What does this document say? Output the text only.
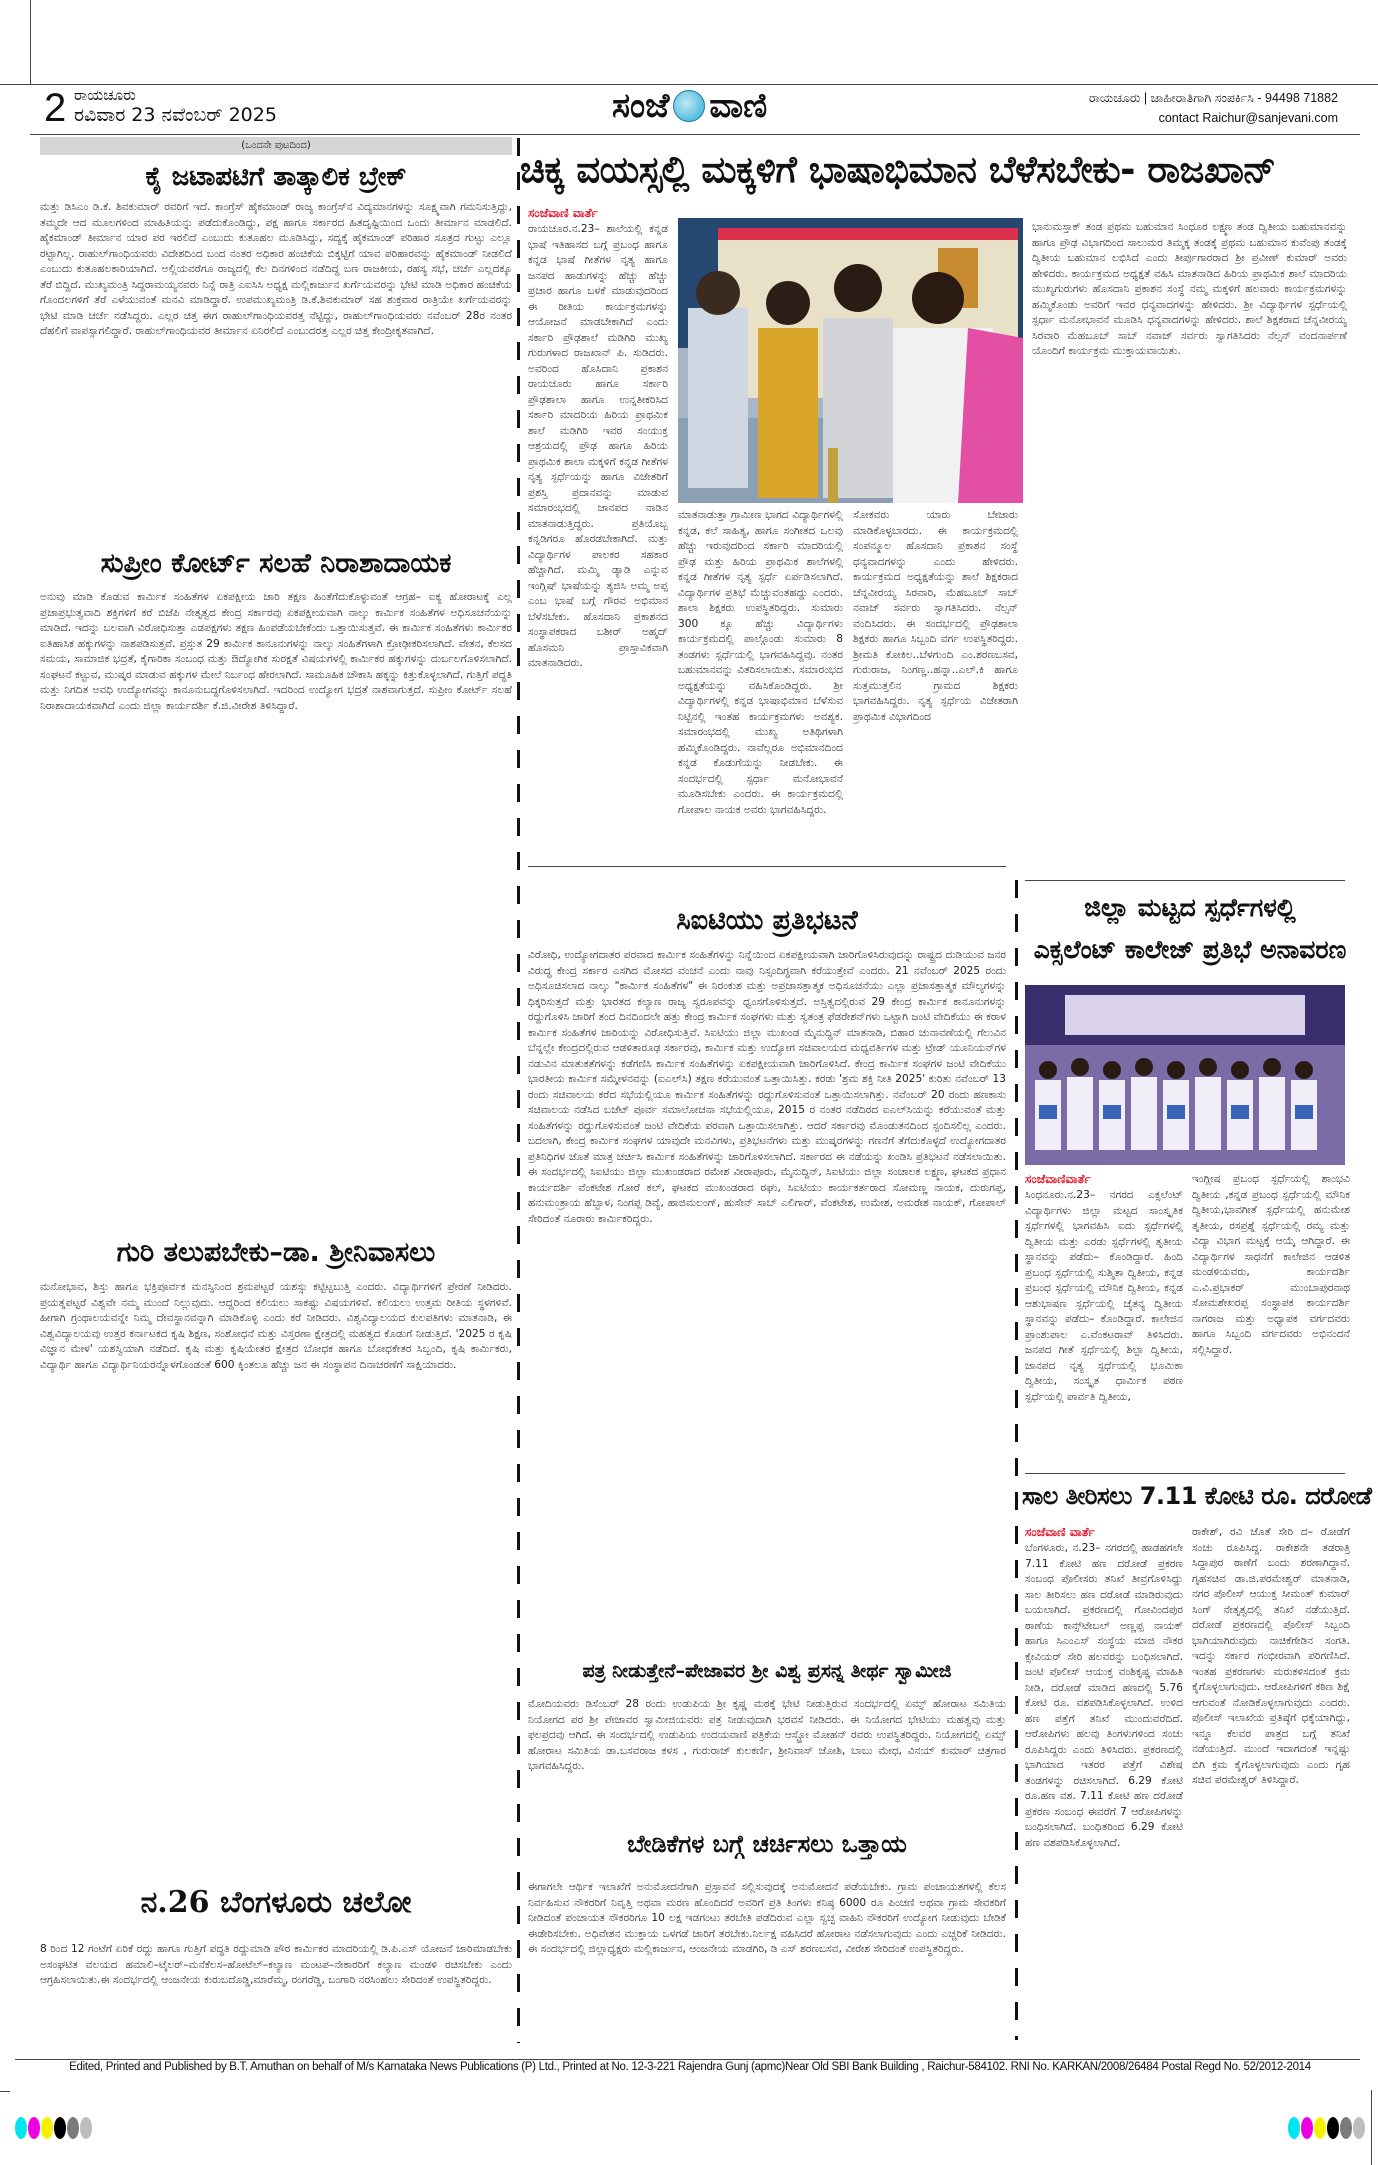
2 ರಾಯಚೂರು
ರವಿವಾರ 23 ನವೆಂಬರ್ 2025	ಸಂಜೆ ವಾಣಿ	ರಾಯಚೂರು | ಜಾಹೀರಾತಿಗಾಗಿ ಸಂಪರ್ಕಿಸಿ - 94498 71882
contact Raichur@sanjevani.com
(ಒಂದನೇ ಪುಟದಿಂದ)
ಕೈ ಜಟಾಪಟಿಗೆ ತಾತ್ಕಾಲಿಕ ಬ್ರೇಕ್
ಮತ್ತು ಡಿಸಿಎಂ ಡಿ.ಕೆ. ಶಿವಕುಮಾರ್ ರವರಿಗೆ ಇದೆ. ಕಾಂಗ್ರೆಸ್ ಹೈಕಮಾಂಡ್ ರಾಜ್ಯ ಕಾಂಗ್ರೆಸ್‌ನ ವಿದ್ಯಮಾನಗಳನ್ನು ಸೂಕ್ಷ್ಮವಾಗಿ ಗಮನಿಸುತ್ತಿದ್ದು, ತಮ್ಮದೇ ಆದ ಮೂಲಗಳಿಂದ ಮಾಹಿತಿಯನ್ನು ಪಡೆದುಕೊಂಡಿದ್ದು, ಪಕ್ಷ ಹಾಗೂ ಸರ್ಕಾರದ ಹಿತದೃಷ್ಟಿಯಿಂದ ಒಂದು ತೀರ್ಮಾನ ಮಾಡಲಿದೆ. ಹೈಕಮಾಂಡ್ ತೀರ್ಮಾನ ಯಾರ ಪರ ಇರಲಿದೆ ಎಂಬುದು ಕುತೂಹಲ ಮೂಡಿಸಿದ್ದು, ಸದ್ಯಕ್ಕೆ ಹೈಕಮಾಂಡ್ ಪರಿಹಾರ ಸೂತ್ರದ ಗುಟ್ಟು ಎಲ್ಲೂ ರಟ್ಟಾಗಿಲ್ಲ. ರಾಹುಲ್‌ಗಾಂಧಿಯವರು ವಿದೇಶದಿಂದ ಬಂದ ನಂತರ ಅಧಿಕಾರ ಹಂಚಿಕೆಯ ಬಿಕ್ಕಟ್ಟಿಗೆ ಯಾವ ಪರಿಹಾರವನ್ನು ಹೈಕಮಾಂಡ್ ನೀಡಲಿದೆ ಎಂಬುದು ಕುತೂಹಲಕಾರಿಯಾಗಿದೆ. ಅಲ್ಲಿಯವರೆಗೂ ರಾಜ್ಯದಲ್ಲಿ ಕೆಲ ದಿನಗಳಿಂದ ನಡೆದಿದ್ದ ಬಣ ರಾಜಕೀಯ, ರಹಸ್ಯ ಸಭೆ, ಚರ್ಚೆ ಎಲ್ಲದಕ್ಕೂ ತೆರೆ ಬಿದ್ದಿದೆ. ಮುಖ್ಯಮಂತ್ರಿ ಸಿದ್ದರಾಮಯ್ಯನವರು ನಿನ್ನೆ ರಾತ್ರಿ ಎಐಸಿಸಿ ಅಧ್ಯಕ್ಷ ಮಲ್ಲಿಕಾರ್ಜುನ ಖರ್ಗೆಯವರನ್ನು ಭೇಟಿ ಮಾಡಿ ಅಧಿಕಾರ ಹಂಚಿಕೆಯ ಗೊಂದಲಗಳಿಗೆ ತೆರೆ ಎಳೆಯುವಂತೆ ಮನವಿ ಮಾಡಿದ್ದಾರೆ. ಉಪಮುಖ್ಯಮಂತ್ರಿ ಡಿ.ಕೆ.ಶಿವಕುಮಾರ್ ಸಹ ಶುಕ್ರವಾರ ರಾತ್ರಿಯೇ ಖರ್ಗೆಯವರನ್ನು ಭೇಟಿ ಮಾಡಿ ಚರ್ಚೆ ನಡೆಸಿದ್ದರು. ಎಲ್ಲರ ಚಿತ್ತ ಈಗ ರಾಹುಲ್‌ಗಾಂಧಿಯವರತ್ತ ನೆಟ್ಟಿದ್ದು, ರಾಹುಲ್‌ಗಾಂಧಿಯವರು ನವೆಂಬರ್ 28ರ ನಂತರ ದೆಹಲಿಗೆ ವಾಪಸ್ಸಾಗಲಿದ್ದಾರೆ. ರಾಹುಲ್‌ಗಾಂಧಿಯವರ ತೀರ್ಮಾನ ಏನಿರಲಿದೆ ಎಂಬುದರತ್ತ ಎಲ್ಲರ ಚಿತ್ತ ಕೇಂದ್ರೀಕೃತವಾಗಿದೆ.
ಸುಪ್ರೀಂ ಕೋರ್ಟ್ ಸಲಹೆ ನಿರಾಶಾದಾಯಕ
ಅನುವು ಮಾಡಿ ಕೊಡುವ ಕಾರ್ಮಿಕ ಸಂಹಿತೆಗಳ ಏಕಪಕ್ಷೀಯ ಜಾರಿ ತಕ್ಷಣ ಹಿಂತೆಗೆದುಕೊಳ್ಳುವಂತೆ ಆಗ್ರಹ– ಐಕ್ಯ ಹೋರಾಟಕ್ಕೆ ಎಲ್ಲ ಪ್ರಜಾಪ್ರಭುತ್ವವಾದಿ ಶಕ್ತಿಗಳಿಗೆ ಕರೆ ಬಿಜೆಪಿ ನೇತೃತ್ವದ ಕೇಂದ್ರ ಸರ್ಕಾರವು ಏಕಪಕ್ಷೀಯವಾಗಿ ನಾಲ್ಕು ಕಾರ್ಮಿಕ ಸಂಹಿತೆಗಳ ಅಧಿಸೂಚನೆಯನ್ನು ಮಾಡಿದೆ. ಇದನ್ನು ಬಲವಾಗಿ ವಿರೋಧಿಸುತ್ತಾ ಎಡಪಕ್ಷಗಳು ತಕ್ಷಣ ಹಿಂಪಡೆಯಬೇಕೆಂದು ಒತ್ತಾಯಿಸುತ್ತವೆ. ಈ ಕಾರ್ಮಿಕ ಸಂಹಿತೆಗಳು ಕಾರ್ಮಿಕರ ಐತಿಹಾಸಿಕ ಹಕ್ಕುಗಳನ್ನು ನಾಶಪಡಿಸುತ್ತವೆ. ಪ್ರಸ್ತುತ 29 ಕಾರ್ಮಿಕ ಕಾನೂನುಗಳನ್ನು ನಾಲ್ಕು ಸಂಹಿತೆಗಳಾಗಿ ಕ್ರೋಢೀಕರಿಸಲಾಗಿದೆ. ವೇತನ, ಕೆಲಸದ ಸಮಯ, ಸಾಮಾಜಿಕ ಭದ್ರತೆ, ಕೈಗಾರಿಕಾ ಸಂಬಂಧ ಮತ್ತು ಔದ್ಯೋಗಿಕ ಸುರಕ್ಷತೆ ವಿಷಯಗಳಲ್ಲಿ ಕಾರ್ಮಿಕರ ಹಕ್ಕುಗಳನ್ನು ದುರ್ಬಲಗೊಳಿಸಲಾಗಿದೆ. ಸಂಘಟನೆ ಕಟ್ಟುವ, ಮುಷ್ಕರ ಮಾಡುವ ಹಕ್ಕುಗಳ ಮೇಲೆ ನಿರ್ಬಂಧ ಹೇರಲಾಗಿದೆ. ಸಾಮೂಹಿಕ ಚೌಕಾಸಿ ಹಕ್ಕನ್ನು ಕಿತ್ತುಕೊಳ್ಳಲಾಗಿದೆ. ಗುತ್ತಿಗೆ ಪದ್ಧತಿ ಮತ್ತು ನಿಗದಿತ ಅವಧಿ ಉದ್ಯೋಗವನ್ನು ಕಾನೂನುಬದ್ಧಗೊಳಿಸಲಾಗಿದೆ. ಇದರಿಂದ ಉದ್ಯೋಗ ಭದ್ರತೆ ನಾಶವಾಗುತ್ತದೆ. ಸುಪ್ರೀಂ ಕೋರ್ಟ್ ಸಲಹೆ ನಿರಾಶಾದಾಯಕವಾಗಿದೆ ಎಂದು ಜಿಲ್ಲಾ ಕಾರ್ಯದರ್ಶಿ ಕೆ.ಜಿ.ವೀರೇಶ ತಿಳಿಸಿದ್ದಾರೆ.
ಗುರಿ ತಲುಪಬೇಕು–ಡಾ. ಶ್ರೀನಿವಾಸಲು
ಮನೋಭಾವ, ಶಿಸ್ತು ಹಾಗೂ ಭಕ್ತಿಪೂರ್ವಕ ಮನಸ್ಸಿನಿಂದ ಶ್ರಮಪಟ್ಟರೆ ಯಶಸ್ಸು ಕಟ್ಟಿಟ್ಟಬುತ್ತಿ ಎಂದರು. ವಿದ್ಯಾರ್ಥಿಗಳಿಗೆ ಪ್ರೇರಣೆ ನೀಡಿದರು. ಪ್ರಯತ್ನಪಟ್ಟರೆ ವಿಶ್ವವೇ ನಮ್ಮ ಮುಂದೆ ನಿಲ್ಲುವುದು. ಆದ್ದರಿಂದ ಕಲಿಯಲು ಸಾಕಷ್ಟು ವಿಷಯಗಳಿವೆ. ಕಲಿಯಲು ಉತ್ತಮ ರೀತಿಯ ಸ್ಥಳಗಳಿವೆ. ಹೀಗಾಗಿ ಗ್ರಂಥಾಲಯವನ್ನೇ ನಿಮ್ಮ ದೇವಸ್ಥಾನವನ್ನಾಗಿ ಮಾಡಿಕೊಳ್ಳಿ ಎಂದು ಕರೆ ನೀಡಿದರು. ವಿಶ್ವವಿದ್ಯಾಲಯದ ಕುಲಪತಿಗಳು ಮಾತನಾಡಿ, ಈ ವಿಶ್ವವಿದ್ಯಾಲಯವು ಉತ್ತರ ಕರ್ನಾಟಕದ ಕೃಷಿ ಶಿಕ್ಷಣ, ಸಂಶೋಧನೆ ಮತ್ತು ವಿಸ್ತರಣಾ ಕ್ಷೇತ್ರದಲ್ಲಿ ಮಹತ್ವದ ಕೊಡುಗೆ ನೀಡುತ್ತಿದೆ. '2025 ರ ಕೃಷಿ ವಿಜ್ಞಾನ ಮೇಳ' ಯಶಸ್ವಿಯಾಗಿ ನಡೆದಿದೆ. ಕೃಷಿ ಮತ್ತು ಕೃಷಿಯೇತರ ಕ್ಷೇತ್ರದ ಬೋಧಕ ಹಾಗೂ ಬೋಧಕೇತರ ಸಿಬ್ಬಂದಿ, ಕೃಷಿ ಕಾರ್ಮಿಕರು, ವಿದ್ಯಾರ್ಥಿ ಹಾಗೂ ವಿದ್ಯಾರ್ಥಿನಿಯರನ್ನೊಳಗೊಂಡಂತೆ 600 ಕ್ಕಿಂತಲೂ ಹೆಚ್ಚು ಜನ ಈ ಸಂಸ್ಥಾಪನ ದಿನಾಚರಣೆಗೆ ಸಾಕ್ಷಿಯಾದರು.
ನ.26 ಬೆಂಗಳೂರು ಚಲೋ
8 ರಿಂದ 12 ಗಂಟೆಗೆ ಏರಿಕೆ ರದ್ದು ಹಾಗೂ ಗುತ್ತಿಗೆ ಪದ್ಧತಿ ರದ್ದುಮಾಡಿ ಪೌರ ಕಾರ್ಮಿಕರ ಮಾದರಿಯಲ್ಲಿ ಡಿ.ಪಿ.ಎಸ್ ಯೋಜನೆ ಜಾರಿಮಾಡಬೇಕು ಅಸಂಘಟಿತ ವಲಯದ ಹಮಾಲಿ–ಟೈಲರ್–ಮನೆಕೆಲಸ–ಹೋಟೆಲ್–ಕಲ್ಯಾಣ ಮಂಟಪ–ನೇಕಾರರಿಗೆ ಕಲ್ಯಾಣ ಮಂಡಳಿ ರಚಿಸಬೇಕು ಎಂದು ಆಗ್ರಹಿಸಲಾಯಿತು.ಈ ಸಂದರ್ಭದಲ್ಲಿ ಆಂಜನೇಯ ಕುರುಬದೊಡ್ಡಿ,ಮಾರೆಮ್ಮ, ರಂಗರೆಡ್ಡಿ, ಬಂಗಾರಿ ನರಸಿಂಹಲು ಸೇರಿದಂತೆ ಉಪಸ್ಥಿತರಿದ್ದರು.
ಚಿಕ್ಕ ವಯಸ್ಸಲ್ಲಿ ಮಕ್ಕಳಿಗೆ ಭಾಷಾಭಿಮಾನ ಬೆಳೆಸಬೇಕು- ರಾಜಖಾನ್
ಸಂಜೆವಾಣಿ ವಾರ್ತೆ
ರಾಯಚೂರ.ನ.23– ಶಾಲೆಯಲ್ಲಿ ಕನ್ನಡ ಭಾಷೆ ಇತಿಹಾಸದ ಬಗ್ಗೆ ಪ್ರಬಂಧ ಹಾಗೂ ಕನ್ನಡ ಭಾಷೆ ಗೀತೆಗಳ ನೃತ್ಯ ಹಾಗೂ ಜನಪದ ಹಾಡುಗಳನ್ನು ಹೆಚ್ಚು ಹೆಚ್ಚು ಪ್ರಚಾರ ಹಾಗೂ ಬಳಕೆ ಮಾಡುವುದರಿಂದ ಈ ರೀತಿಯ ಕಾರ್ಯಕ್ರಮಗಳನ್ನು ಆಯೋಜನೆ ಮಾಡಬೇಕಾಗಿದೆ ಎಂದು ಸರ್ಕಾರಿ ಪ್ರೌಢಶಾಲೆ ಮಡಿಗಿರಿ ಮುಖ್ಯ ಗುರುಗಳಾದ ರಾಜಖಾನ್ ಪಿ. ಸುಡಿದರು. ಅವರಿಂದ ಹೊಸಿದಾನಿ ಪ್ರಕಾಶನ ರಾಯಚೂರು ಹಾಗೂ ಸರ್ಕಾರಿ ಪ್ರೌಢಶಾಲಾ ಹಾಗೂ ಉನ್ನತೀಕರಿಸಿದ ಸರ್ಕಾರಿ ಮಾದರಿಯ ಹಿರಿಯ ಪ್ರಾಥಮಿಕ ಶಾಲೆ ಮಡಿಗಿರಿ ಇವರ ಸಂಯುಕ್ತ ಆಶ್ರಯದಲ್ಲಿ ಪ್ರೌಢ ಹಾಗೂ ಹಿರಿಯ ಪ್ರಾಥಮಿಕ ಶಾಲಾ ಮಕ್ಕಳಿಗೆ ಕನ್ನಡ ಗೀತೆಗಳ ನೃತ್ಯ ಸ್ಪರ್ಧೆಯನ್ನು ಹಾಗೂ ವಿಜೇತರಿಗೆ ಪ್ರಶಸ್ತಿ ಪ್ರದಾನವನ್ನು ಮಾಡುವ ಸಮಾರಂಭದಲ್ಲಿ ಜಾನಪದ ನಾಡಿನ ಮಾತನಾಡುತ್ತಿದ್ದರು. ಪ್ರತಿಯೊಬ್ಬ ಕನ್ನಡಿಗರೂ ಹೊರಡಬೇಕಾಗಿದೆ. ಮತ್ತು ವಿದ್ಯಾರ್ಥಿಗಳ ಪಾಲಕರ ಸಹಕಾರ ಹೆಚ್ಚಾಗಿದೆ. ಮಮ್ಮಿ ಡ್ಯಾಡಿ ಎನ್ನುವ ಇಂಗ್ಲಿಷ್ ಭಾಷೆಯನ್ನು ತ್ಯಜಿಸಿ ಅಮ್ಮ ಅಪ್ಪ ಎಂಬ ಭಾಷೆ ಬಗ್ಗೆ ಗೌರವ ಅಭಿಮಾನ ಬೆಳೆಸಬೇಕು. ಹೊಸದಾನಿ ಪ್ರಕಾಶನದ ಸಂಸ್ಥಾಪಕರಾದ ಬಶೀರ್ ಅಹ್ಮದ್ ಹೊಸಮನಿ ಪ್ರಾಸ್ತಾವಿಕವಾಗಿ ಮಾತನಾಡಿದರು.
ಮಾತನಾಡುತ್ತಾ ಗ್ರಾಮೀಣ ಭಾಗದ ವಿದ್ಯಾರ್ಥಿಗಳಲ್ಲಿ ಕನ್ನಡ, ಕಲೆ ಸಾಹಿತ್ಯ, ಹಾಗೂ ಸಂಗೀತದ ಒಲವು ಹೆಚ್ಚು ಇರುವುದರಿಂದ ಸರ್ಕಾರಿ ಮಾದರಿಯಲ್ಲಿ ಪ್ರೌಢ ಮತ್ತು ಹಿರಿಯ ಪ್ರಾಥಮಿಕ ಶಾಲೆಗಳಲ್ಲಿ ಕನ್ನಡ ಗೀತೆಗಳ ನೃತ್ಯ ಸ್ಪರ್ಧೆ ಏರ್ಪಡಿಸಲಾಗಿದೆ. ವಿದ್ಯಾರ್ಥಿಗಳ ಪ್ರತಿಭೆ ಮೆಚ್ಚುವಂತಹದ್ದು ಎಂದರು. ಶಾಲಾ ಶಿಕ್ಷಕರು ಉಪಸ್ಥಿತರಿದ್ದರು. ಸುಮಾರು 300 ಕ್ಕೂ ಹೆಚ್ಚು ವಿದ್ಯಾರ್ಥಿಗಳು ಕಾರ್ಯಕ್ರಮದಲ್ಲಿ ಪಾಲ್ಗೊಂಡು ಸುಮಾರು 8 ತಂಡಗಳು ಸ್ಪರ್ಧೆಯಲ್ಲಿ ಭಾಗವಹಿಸಿದ್ದವು. ನಂತರ ಬಹುಮಾನವನ್ನು ವಿತರಿಸಲಾಯಿತು. ಸಮಾರಂಭದ ಅಧ್ಯಕ್ಷತೆಯನ್ನು ವಹಿಸಿಕೊಂಡಿದ್ದರು. ಶ್ರೀ ವಿದ್ಯಾರ್ಥಿಗಳಲ್ಲಿ ಕನ್ನಡ ಭಾಷಾಭಿಮಾನ ಬೆಳೆಸುವ ನಿಟ್ಟಿನಲ್ಲಿ ಇಂತಹ ಕಾರ್ಯಕ್ರಮಗಳು ಅವಶ್ಯಕ. ಸಮಾರಂಭದಲ್ಲಿ ಮುಖ್ಯ ಅತಿಥಿಗಳಾಗಿ ಹಮ್ಮಿಕೊಂಡಿದ್ದರು. ನಾವೆಲ್ಲರೂ ಅಭಿಮಾನದಿಂದ ಕನ್ನಡ ಕೊಡುಗೆಯನ್ನು ನೀಡಬೇಕು. ಈ ಸಂದರ್ಭದಲ್ಲಿ ಸ್ಪರ್ಧಾ ಮನೋಭಾವನೆ ಮೂಡಿಸಬೇಕು ಎಂದರು. ಈ ಕಾರ್ಯಕ್ರಮದಲ್ಲಿ ಗೋಪಾಲ ನಾಯಕ ಅವರು ಭಾಗವಹಿಸಿದ್ದರು.
ಸೋಕವರು ಯಾರು ಬೇಜಾರು ಮಾಡಿಕೊಳ್ಳಬಾರದು. ಈ ಕಾರ್ಯಕ್ರಮದಲ್ಲಿ ಸಂಪನ್ಮೂಲ ಹೊಸದಾನಿ ಪ್ರಕಾಶನ ಸಂಸ್ಥೆ ಧನ್ಯವಾದಗಳನ್ನು ಎಂದು ಹೇಳಿದರು. ಕಾರ್ಯಕ್ರಮದ ಅಧ್ಯಕ್ಷತೆಯನ್ನು ಶಾಲೆ ಶಿಕ್ಷಕರಾದ ಚೆನ್ನವೀರಯ್ಯ ಸಿರವಾರಿ, ಮೆಹಬೂಬ್ ಸಾಬ್ ನವಾಜ್ ಸರ್ವರು ಸ್ವಾಗತಿಸಿದರು. ನೆಲ್ಸನ್ ವಂದಿಸಿದರು. ಈ ಸಂದರ್ಭದಲ್ಲಿ ಪ್ರೌಢಶಾಲಾ ಶಿಕ್ಷಕರು ಹಾಗೂ ಸಿಬ್ಬಂದಿ ವರ್ಗ ಉಪಸ್ಥಿತರಿದ್ದರು. ಶ್ರೀಮತಿ ಕೋಕಿಲ..ಬೆಳಗುಂದಿ ಎಂ.ಶರಣಬಸವ, ಗುರುರಾಜ, ನಿಂಗಣ್ಣ..ಹನ್ನಾ..ಎಲ್.ಕಿ ಹಾಗೂ ಸುತ್ತಮುತ್ತಲಿನ ಗ್ರಾಮದ ಶಿಕ್ಷಕರು ಭಾಗವಹಿಸಿದ್ದರು. ನೃತ್ಯ ಸ್ಪರ್ಧೆಯ ವಿಜೇತರಾಗಿ ಪ್ರಾಥಮಿಕ ವಿಭಾಗದಿಂದ
ಭಾನುಮಸ್ತಾಕ್ ತಂಡ ಪ್ರಥಮ ಬಹುಮಾನ ಸಿಂಧೂರ ಲಕ್ಷ್ಮಣ ತಂಡ ದ್ವಿತೀಯ ಬಹುಮಾನವನ್ನು ಹಾಗೂ ಪ್ರೌಢ ವಿಭಾಗದಿಂದ ಸಾಲುಮರ ತಿಮ್ಮಕ್ಕ ತಂಡಕ್ಕೆ ಪ್ರಥಮ ಬಹುಮಾನ ಕುವೆಂಪು ತಂಡಕ್ಕೆ ದ್ವಿತೀಯ ಬಹುಮಾನ ಲಭಿಸಿದೆ ಎಂದು ತೀರ್ಪುಗಾರರಾದ ಶ್ರೀ ಪ್ರವೀಣ್ ಕುಮಾರ್ ಅವರು ಹೇಳಿದರು. ಕಾರ್ಯಕ್ರಮದ ಅಧ್ಯಕ್ಷತೆ ವಹಿಸಿ ಮಾತನಾಡಿದ ಹಿರಿಯ ಪ್ರಾಥಮಿಕ ಶಾಲೆ ಮಾದರಿಯ ಮುಖ್ಯಗುರುಗಳು ಹೊಸದಾನಿ ಪ್ರಕಾಶನ ಸಂಸ್ಥೆ ನಮ್ಮ ಮಕ್ಕಳಿಗೆ ಹಲವಾರು ಕಾರ್ಯಕ್ರಮಗಳನ್ನು ಹಮ್ಮಿಕೊಂಡು ಅವರಿಗೆ ಇವರ ಧನ್ಯವಾದಗಳನ್ನು ಹೇಳಿದರು. ಶ್ರೀ ವಿದ್ಯಾರ್ಥಿಗಳ ಸ್ಪರ್ಧೆಯಲ್ಲಿ ಸ್ಪರ್ಧಾ ಮನೋಭಾವನೆ ಮೂಡಿಸಿ ಧನ್ಯವಾದಗಳನ್ನು ಹೇಳಿದರು. ಶಾಲೆ ಶಿಕ್ಷಕರಾದ ಚೆನ್ನವೀರಯ್ಯ ಸಿರವಾರಿ ಮೆಹಬೂಬ್ ಸಾಬ್ ನವಾಜ್ ಸರ್ವರು ಸ್ವಾಗತಿಸಿದರು ನೆಲ್ಸನ್ ವಂದನಾರ್ಪಣೆ ಯೊಂದಿಗೆ ಕಾರ್ಯಕ್ರಮ ಮುಕ್ತಾಯವಾಯಿತು.
ಸಿಐಟಿಯು ಪ್ರತಿಭಟನೆ
ವಿರೋಧಿ, ಉದ್ಯೋಗದಾತರ ಪರವಾದ ಕಾರ್ಮಿಕ ಸಂಹಿತೆಗಳನ್ನು ನಿನ್ನೆಯಿಂದ ಏಕಪಕ್ಷೀಯವಾಗಿ ಜಾರಿಗೊಳಿಸಿರುವುದನ್ನು ರಾಷ್ಟ್ರದ ದುಡಿಯುವ ಜನರ ವಿರುದ್ಧ ಕೇಂದ್ರ ಸರ್ಕಾರ ಎಸಗಿದ ಮೋಸದ ವಂಚನೆ ಎಂದು ನಾವು ನಿಸ್ಸಂದಿಗ್ಧವಾಗಿ ಕರೆಯುತ್ತೇವೆ ಎಂದರು. 21 ನವೆಂಬರ್ 2025 ರಂದು ಅಧಿಸೂಚಿಸಲಾದ ನಾಲ್ಕು "ಕಾರ್ಮಿಕ ಸಂಹಿತೆಗಳ" ಈ ನಿರಂಕುಶ ಮತ್ತು ಅಪ್ರಜಾಸತ್ತಾತ್ಮಕ ಅಧಿಸೂಚನೆಯು ಎಲ್ಲಾ ಪ್ರಜಾಸತ್ತಾತ್ಮಕ ಮೌಲ್ಯಗಳನ್ನು ಧಿಕ್ಕರಿಸುತ್ತದೆ ಮತ್ತು ಭಾರತದ ಕಲ್ಯಾಣ ರಾಜ್ಯ ಸ್ವರೂಪವನ್ನು ಧ್ವಂಸಗೊಳಿಸುತ್ತದೆ. ಅಸ್ತಿತ್ವದಲ್ಲಿರುವ 29 ಕೇಂದ್ರ ಕಾರ್ಮಿಕ ಕಾನೂನುಗಳನ್ನು ರದ್ದುಗೊಳಿಸಿ ಜಾರಿಗೆ ತಂದ ದಿನದಿಂದಲೇ ಹತ್ತು ಕೇಂದ್ರ ಕಾರ್ಮಿಕ ಸಂಘಗಳು ಮತ್ತು ಸ್ವತಂತ್ರ ಫೆಡರೇಶನ್‌ಗಳು ಒಟ್ಟಾಗಿ ಜಂಟಿ ವೇದಿಕೆಯು ಈ ಕರಾಳ ಕಾರ್ಮಿಕ ಸಂಹಿತೆಗಳ ಜಾರಿಯನ್ನು ವಿರೋಧಿಸುತ್ತಿವೆ. ಸಿಐಟಿಯು ಜಿಲ್ಲಾ ಮುಖಂಡ ಮೈನುದ್ದಿನ್ ಮಾತನಾಡಿ, ಬಿಹಾರ ಚುನಾವಣೆಯಲ್ಲಿ ಗೆಲುವಿನ ಬೆನ್ನಲ್ಲೇ ಕೇಂದ್ರದಲ್ಲಿರುವ ಆಡಳಿತಾರೂಢ ಸರ್ಕಾರವು, ಕಾರ್ಮಿಕ ಮತ್ತು ಉದ್ಯೋಗ ಸಚಿವಾಲಯದ ಮಧ್ಯವರ್ತಿಗಳ ಮತ್ತು ಟ್ರೇಡ್ ಯೂನಿಯನ್‌ಗಳ ನಡುವಿನ ಮಾತುಕತೆಗಳನ್ನು ಕಡೆಗಣಿಸಿ ಕಾರ್ಮಿಕ ಸಂಹಿತೆಗಳನ್ನು ಏಕಪಕ್ಷೀಯವಾಗಿ ಜಾರಿಗೊಳಿಸಿದೆ. ಕೇಂದ್ರ ಕಾರ್ಮಿಕ ಸಂಘಗಳ ಜಂಟಿ ವೇದಿಕೆಯು ಭಾರತೀಯ ಕಾರ್ಮಿಕ ಸಮ್ಮೇಳನವನ್ನು (ಐಎಲ್‌ಸಿ) ತಕ್ಷಣ ಕರೆಯುವಂತೆ ಒತ್ತಾಯಿಸಿತ್ತು. ಕರಡು 'ಶ್ರಮ ಶಕ್ತಿ ನೀತಿ 2025' ಕುರಿತು ನವೆಂಬರ್ 13 ರಂದು ಸಚಿವಾಲಯ ಕರೆದ ಸಭೆಯಲ್ಲಿಯೂ ಕಾರ್ಮಿಕ ಸಂಹಿತೆಗಳನ್ನು ರದ್ದುಗೊಳಿಸುವಂತೆ ಒತ್ತಾಯಿಸಲಾಗಿತ್ತು. ನವೆಂಬರ್ 20 ರಂದು ಹಣಕಾಸು ಸಚಿವಾಲಯ ನಡೆಸಿದ ಬಜೆಟ್ ಪೂರ್ವ ಸಮಾಲೋಚನಾ ಸಭೆಯಲ್ಲಿಯೂ, 2015 ರ ನಂತರ ನಡೆದಿರದ ಐಎಲ್‌ಸಿಯನ್ನು ಕರೆಯುವಂತೆ ಮತ್ತು ಸಂಹಿತೆಗಳನ್ನು ರದ್ದುಗೊಳಿಸುವಂತೆ ಜಂಟಿ ವೇದಿಕೆಯ ಪರವಾಗಿ ಒತ್ತಾಯಿಸಲಾಗಿತ್ತು. ಆದರೆ ಸರ್ಕಾರವು ಮೊಂಡುತನದಿಂದ ಸ್ಪಂದಿಸಲಿಲ್ಲ ಎಂದರು. ಬದಲಾಗಿ, ಕೇಂದ್ರ ಕಾರ್ಮಿಕ ಸಂಘಗಳ ಯಾವುದೇ ಮನವಿಗಳು, ಪ್ರತಿಭಟನೆಗಳು ಮತ್ತು ಮುಷ್ಕರಗಳನ್ನು ಗಣನೆಗೆ ತೆಗೆದುಕೊಳ್ಳದೆ ಉದ್ಯೋಗದಾತರ ಪ್ರತಿನಿಧಿಗಳ ಜೊತೆ ಮಾತ್ರ ಚರ್ಚಿಸಿ ಕಾರ್ಮಿಕ ಸಂಹಿತೆಗಳನ್ನು ಜಾರಿಗೊಳಿಸಲಾಗಿದೆ. ಸರ್ಕಾರದ ಈ ನಡೆಯನ್ನು ಖಂಡಿಸಿ ಪ್ರತಿಭಟನೆ ನಡೆಸಲಾಯಿತು. ಈ ಸಂದರ್ಭದಲ್ಲಿ ಸಿಐಟಿಯು ಜಿಲ್ಲಾ ಮುಖಂಡರಾದ ರಮೇಶ ವೀರಾಪೂರು, ಮೈನುದ್ದಿನ್, ಸಿಐಟಿಯು ಜಿಲ್ಲಾ ಸಂಚಾಲಕ ಲಕ್ಷ್ಮಣ, ಘಟಕದ ಪ್ರಧಾನ ಕಾರ್ಯದರ್ಶಿ ವೆಂಕಟೇಶ ಗೋರೆ ಕಲ್, ಘಟಕದ ಮುಖಂಡರಾದ ರಘು, ಸಿಐಟಿಯು ಕಾರ್ಯಕರ್ತರಾದ ಸೋಮಣ್ಣ ನಾಯಕ, ದುರುಗಪ್ಪ, ಹನುಮಂತ್ರಾಯ ಹೆಬ್ಬಾಳ, ನಿಂಗಪ್ಪ ಡಿವ್ಯೆ, ಹಾಜಿಮಲಂಗ್, ಹುಸೇನ್ ಸಾಬ್ ಎಲಿಗಾರ್, ವೆಂಕಟೇಶ, ಉಮೇಶ, ಅಮರೇಶ ನಾಯಕ್, ಗೋಪಾಲ್ ಸೇರಿದಂತೆ ನೂರಾರು ಕಾರ್ಮಿಕರಿದ್ದರು.
ಪತ್ರ ನೀಡುತ್ತೇನೆ–ಪೇಜಾವರ ಶ್ರೀ ವಿಶ್ವ ಪ್ರಸನ್ನ ತೀರ್ಥ ಸ್ವಾಮೀಜಿ
ಮೋದಿಯವರು ಡಿಸೆಂಬರ್ 28 ರಂದು ಉಡುಪಿಯ ಶ್ರೀ ಕೃಷ್ಣ ಮಠಕ್ಕೆ ಭೇಟಿ ನೀಡುತ್ತಿರುವ ಸಂದರ್ಭದಲ್ಲಿ ಏಮ್ಸ್ ಹೋರಾಟ ಸಮಿತಿಯ ನಿಯೋಗದ ಪರ ಶ್ರೀ ಪೇಜಾವರ ಸ್ವಾಮೀಜಿಯವರು ಪತ್ರ ನೀಡುವುದಾಗಿ ಭರವಸೆ ನೀಡಿದರು. ಈ ನಿಯೋಗದ ಭೇಟಿಯು ಮಹತ್ವವು ಮತ್ತು ಫಲಪ್ರದವು ಆಗಿದೆ. ಈ ಸಂದರ್ಭದಲ್ಲಿ ಉಡುಪಿಯ ಉದಯವಾಣಿ ಪತ್ರಿಕೆಯ ಆಸ್ಟ್ರೋ ಮೋಹನ್ ರವರು ಉಪಸ್ಥಿತರಿದ್ದರು. ನಿಯೋಗದಲ್ಲಿ ಏಮ್ಸ್ ಹೋರಾಟ ಸಮಿತಿಯ ಡಾ.ಬಸವರಾಜ ಕಳಸ , ಗುರುರಾಜ್ ಕುಲಕರ್ಣಿ, ಶ್ರೀನಿವಾಸ್ ಜೋಶಿ, ಬಾಬು ಮೇಧ, ವಿನಯ್ ಕುಮಾರ್ ಚಿತ್ರಗಾರ ಭಾಗವಹಿಸಿದ್ದರು.
ಬೇಡಿಕೆಗಳ ಬಗ್ಗೆ ಚರ್ಚಿಸಲು ಒತ್ತಾಯ
ಈಗಾಗಲೇ ಆರ್ಥಿಕ ಇಲಾಖೆಗೆ ಅನುಮೋದನೆಗಾಗಿ ಪ್ರಸ್ತಾವನೆ ಸಲ್ಲಿಸುವುದಕ್ಕೆ ಅನುಮೋದನೆ ಪಡೆಯಬೇಕು. ಗ್ರಾಮ ಪಂಚಾಯತಗಳಲ್ಲಿ ಕೆಲಸ ನಿರ್ವಹಿಸುವ ನೌಕರರಿಗೆ ನಿವೃತ್ತಿ ಅಥವಾ ಮರಣ ಹೊಂದಿದರೆ ಅವರಿಗೆ ಪ್ರತಿ ತಿಂಗಳು ಕನಿಷ್ಠ 6000 ರೂ ಪಿಂಚಣಿ ಅಥವಾ ಗ್ರಾಮ ಸೇವಕರಿಗೆ ನೀಡಿದಂತೆ ಪಂಚಾಯತ ನೌಕರರಿಗೂ 10 ಲಕ್ಷ ಇಡಗಂಟು ತರಬೇತಿ ಪಡೆದಿರುವ ಎಲ್ಲಾ ಸ್ವಚ್ಛ ವಾಹಿನಿ ನೌಕರರಿಗೆ ಉದ್ಯೋಗ ನೀಡುವುದು ಬೇಡಿಕೆ ಈಡೇರಿಸಬೇಕು. ಅಧಿವೇಶನ ಮುಕ್ತಾಯ ಒಳಗಡೆ ಜಾರಿಗೆ ತರಬೇಕು.ನಿರ್ಲಕ್ಷ ವಹಿಸಿದರೆ ಹೋರಾಟ ನಡೆಸಲಾಗುವುದು ಎಂದು ಎಚ್ಚರಿಕೆ ನೀಡಿದರು. ಈ ಸಂದರ್ಭದಲ್ಲಿ ಜಿಲ್ಲಾಧ್ಯಕ್ಷರು ಮಲ್ಲಿಕಾರ್ಜುನ, ಆಂಜನೇಯ ಮಾಡಗಿರಿ, ಡಿ ಎಸ್ ಶರಣಬಸವ, ವೀರೇಶ ಸೇರಿದಂತೆ ಉಪಸ್ಥಿತರಿದ್ದರು.
ಜಿಲ್ಲಾ ಮಟ್ಟದ ಸ್ಪರ್ಧೆಗಳಲ್ಲಿ
ಎಕ್ಸಲೆಂಟ್ ಕಾಲೇಜ್ ಪ್ರತಿಭೆ ಅನಾವರಣ
ಸಂಜೆವಾಣಿವಾರ್ತೆ
ಸಿಂಧನೂರು.ನ.23– ನಗರದ ಎಕ್ಸಲೆಂಟ್ ವಿದ್ಯಾರ್ಥಿಗಳು ಜಿಲ್ಲಾ ಮಟ್ಟದ ಸಾಂಸ್ಕೃತಿಕ ಸ್ಪರ್ಧೆಗಳಲ್ಲಿ ಭಾಗವಹಿಸಿ ಐದು ಸ್ಪರ್ಧೆಗಳಲ್ಲಿ ದ್ವಿತೀಯ ಮತ್ತು ಎರಡು ಸ್ಪರ್ಧೆಗಳಲ್ಲಿ ತೃತೀಯ ಸ್ಥಾನವನ್ನು ಪಡೆದು– ಕೊಂಡಿದ್ದಾರೆ. ಹಿಂದಿ ಪ್ರಬಂಧ ಸ್ಪರ್ಧೆಯಲ್ಲಿ ಸುಶ್ಮಿತಾ ದ್ವಿತೀಯ, ಕನ್ನಡ ಪ್ರಬಂಧ ಸ್ಪರ್ಧೆಯಲ್ಲಿ ಮೌನಿಕ ದ್ವಿತೀಯ, ಕನ್ನಡ ಆಶುಭಾಷಣ ಸ್ಪರ್ಧೆಯಲ್ಲಿ ಚೈತನ್ಯ ದ್ವಿತೀಯ ಸ್ಥಾನವನ್ನು ಪಡೆದು– ಕೊಂಡಿದ್ದಾರೆ. ಕಾಲೇಜಿನ ಪ್ರಾಂಶುಪಾಲ ಎ.ವೆಂಕಟರಾವ್ ತಿಳಿಸಿದರು. ಜನಪದ ಗೀತೆ ಸ್ಪರ್ಧೆಯಲ್ಲಿ ಶಿಲ್ಪಾ ದ್ವಿತೀಯ, ಜಾನಪದ ನೃತ್ಯ ಸ್ಪರ್ಧೆಯಲ್ಲಿ ಭೂಮಿಕಾ ದ್ವಿತೀಯ, ಸಂಸ್ಕೃತ ಧಾರ್ಮಿಕ ಪಠಣ ಸ್ಪರ್ಧೆಯಲ್ಲಿ ಪಾರ್ವತಿ ದ್ವಿತೀಯ,
ಇಂಗ್ಲೀಷ ಪ್ರಬಂಧ ಸ್ಪರ್ಧೆಯಲ್ಲಿ ಶಾಂಭವಿ ದ್ವಿತೀಯ ,ಕನ್ನಡ ಪ್ರಬಂಧ ಸ್ಪರ್ಧೆಯಲ್ಲಿ ಮೌನಿಕ ದ್ವಿತೀಯ,ಭಾವಗೀತೆ ಸ್ಪರ್ಧೆಯಲ್ಲಿ ಹನುಮೇಶ ತೃತೀಯ, ರಸಪ್ರಶ್ನೆ ಸ್ಪರ್ಧೆಯಲ್ಲಿ ರಮ್ಯ ಮತ್ತು ವಿದ್ಯಾ ವಿಭಾಗ ಮಟ್ಟಕ್ಕೆ ಆಯ್ಕೆ ಆಗಿದ್ದಾರೆ. ಈ ವಿದ್ಯಾರ್ಥಿಗಳ ಸಾಧನೆಗೆ ಕಾಲೇಜಿನ ಆಡಳಿತ ಮಂಡಳಿಯವರು, ಕಾರ್ಯದರ್ಶಿ ಎ.ವಿ.ಪ್ರಭಾಕರ್ ಮುಂಬಾಪುರನಾಥ ಸೋಮಶೇಖರಪ್ಪ ಸಂಸ್ಥಾಪಕ ಕಾರ್ಯದರ್ಶಿ ನಾಗರಾಜ ಮತ್ತು ಅಧ್ಯಾಪಕ ವರ್ಗದವರು ಹಾಗೂ ಸಿಬ್ಬಂದಿ ವರ್ಗದವರು ಅಭಿನಂದನೆ ಸಲ್ಲಿಸಿದ್ದಾರೆ.
ಸಾಲ ತೀರಿಸಲು 7.11 ಕೋಟಿ ರೂ. ದರೋಡೆ
ಸಂಜೆವಾಣಿ ವಾರ್ತೆ
ಬೆಂಗಳೂರು, ನ.23– ನಗರದಲ್ಲಿ ಹಾಡಹಗಲೇ 7.11 ಕೋಟಿ ಹಣ ದರೋಡೆ ಪ್ರಕರಣ ಸಂಬಂಧ ಪೊಲೀಸರು ತನಿಖೆ ತೀವ್ರಗೊಳಿಸಿದ್ದು ಸಾಲ ತೀರಿಸಲು ಹಣ ದರೋಡೆ ಮಾಡಿರುವುದು ಬಯಲಾಗಿದೆ. ಪ್ರಕರಣದಲ್ಲಿ ಗೋವಿಂದಪುರ ಠಾಣೆಯ ಕಾನ್ಸ್‌ಟೇಬಲ್ ಅಣ್ಣಪ್ಪ ನಾಯಕ್ ಹಾಗೂ ಸಿಎಂಎಸ್ ಸಂಸ್ಥೆಯ ಮಾಜಿ ನೌಕರ ಕ್ಸೇವಿಯರ್ ಸೇರಿ ಹಲವರನ್ನು ಬಂಧಿಸಲಾಗಿದೆ. ಜಂಟಿ ಪೊಲೀಸ್ ಆಯುಕ್ತ ವಂಶಿಕೃಷ್ಣ ಮಾಹಿತಿ ನೀಡಿ, ದರೋಡೆ ಮಾಡಿದ ಹಣದಲ್ಲಿ 5.76 ಕೋಟಿ ರೂ. ವಶಪಡಿಸಿಕೊಳ್ಳಲಾಗಿದೆ. ಉಳಿದ ಹಣ ಪತ್ತೆಗೆ ತನಿಖೆ ಮುಂದುವರೆದಿದೆ. ಆರೋಪಿಗಳು ಹಲವು ತಿಂಗಳುಗಳಿಂದ ಸಂಚು ರೂಪಿಸಿದ್ದರು ಎಂದು ತಿಳಿಸಿದರು. ಪ್ರಕರಣದಲ್ಲಿ ಭಾಗಿಯಾದ ಇತರರ ಪತ್ತೆಗೆ ವಿಶೇಷ ತಂಡಗಳನ್ನು ರಚಿಸಲಾಗಿದೆ. 6.29 ಕೋಟಿ ರೂ.ಹಣ ವಶ. 7.11 ಕೋಟಿ ಹಣ ದರೋಡೆ ಪ್ರಕರಣ ಸಂಬಂಧ ಈವರೆಗೆ 7 ಆರೋಪಿಗಳನ್ನು ಬಂಧಿಸಲಾಗಿದೆ. ಬಂಧಿತರಿಂದ 6.29 ಕೋಟಿ ಹಣ ವಶಪಡಿಸಿಕೊಳ್ಳಲಾಗಿದೆ.
ರಾಕೇಶ್, ರವಿ ಜೊತೆ ಸೇರಿ ದ– ರೋಡೆಗೆ ಸಂಚು ರೂಪಿಸಿದ್ದ. ರಾಕೇಶನೇ ತಡರಾತ್ರಿ ಸಿದ್ದಾಪುರ ಠಾಣೆಗೆ ಬಂದು ಶರಣಾಗಿದ್ದಾನೆ. ಗೃಹಸಚಿವ ಡಾ.ಜಿ.ಪರಮೇಶ್ವರ್ ಮಾತನಾಡಿ, ನಗರ ಪೊಲೀಸ್ ಆಯುಕ್ತ ಸೀಮಂತ್ ಕುಮಾರ್ ಸಿಂಗ್ ನೇತೃತ್ವದಲ್ಲಿ ತನಿಖೆ ನಡೆಯುತ್ತಿದೆ. ದರೋಡೆ ಪ್ರಕರಣದಲ್ಲಿ ಪೊಲೀಸ್ ಸಿಬ್ಬಂದಿ ಭಾಗಿಯಾಗಿರುವುದು ನಾಚಿಕೆಗೇಡಿನ ಸಂಗತಿ. ಇದನ್ನು ಸರ್ಕಾರ ಗಂಭೀರವಾಗಿ ಪರಿಗಣಿಸಿದೆ. ಇಂತಹ ಪ್ರಕರಣಗಳು ಮರುಕಳಿಸದಂತೆ ಕ್ರಮ ಕೈಗೊಳ್ಳಲಾಗುವುದು. ಆರೋಪಿಗಳಿಗೆ ಕಠಿಣ ಶಿಕ್ಷೆ ಆಗುವಂತೆ ನೋಡಿಕೊಳ್ಳಲಾಗುವುದು ಎಂದರು. ಪೊಲೀಸ್ ಇಲಾಖೆಯ ಪ್ರತಿಷ್ಠೆಗೆ ಧಕ್ಕೆಯಾಗಿದ್ದು, ಇನ್ನೂ ಕೆಲವರ ಪಾತ್ರದ ಬಗ್ಗೆ ತನಿಖೆ ನಡೆಯುತ್ತಿದೆ. ಮುಂದೆ ಇದಾಗದಂತೆ ಇನ್ನಷ್ಟು ಬಿಗಿ ಕ್ರಮ ಕೈಗೊಳ್ಳಲಾಗುವುದು ಎಂದು ಗೃಹ ಸಚಿವ ಪರಮೇಶ್ವರ್ ತಿಳಿಸಿದ್ದಾರೆ.
Edited, Printed and Published by B.T. Amuthan on behalf of M/s Karnataka News Publications (P) Ltd., Printed at No. 12-3-221 Rajendra Gunj (apmc)Near Old SBI Bank Building , Raichur-584102. RNI No. KARKAN/2008/26484 Postal Regd No. 52/2012-2014
